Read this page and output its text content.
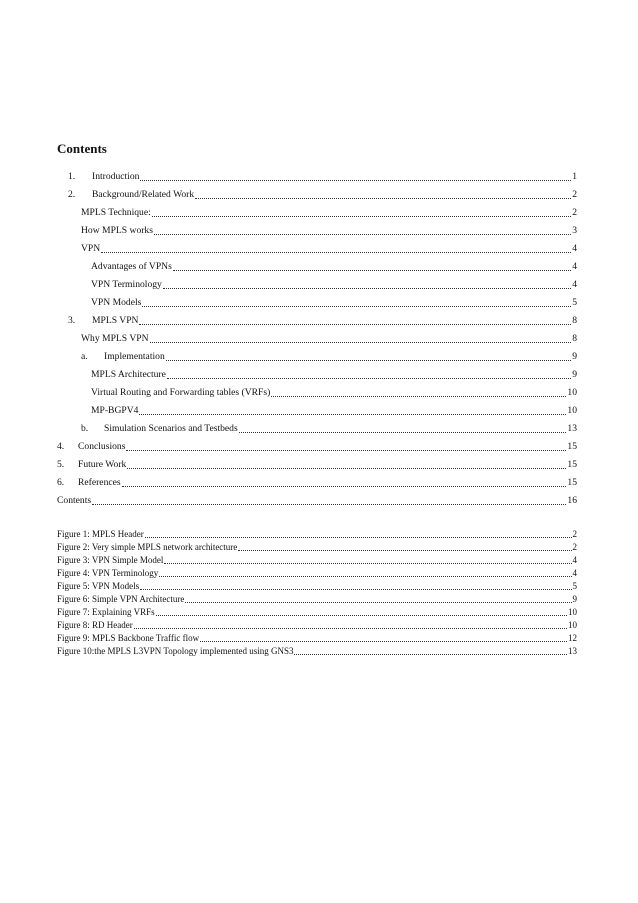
Contents
1.	Introduction	1
2.	Background/Related Work	2
MPLS Technique:	2
How MPLS works	3
VPN	4
Advantages of VPNs	4
VPN Terminology	4
VPN Models	5
3.	MPLS VPN	8
Why MPLS VPN	8
a.	Implementation	9
MPLS Architecture	9
Virtual Routing and Forwarding tables (VRFs)	10
MP-BGPV4	10
b.	Simulation Scenarios and Testbeds	13
4.	Conclusions	15
5.	Future Work	15
6.	References	15
Contents	16
Figure 1: MPLS Header	2
Figure 2: Very simple MPLS network architecture	2
Figure 3: VPN Simple Model	4
Figure 4: VPN Terminology	4
Figure 5: VPN Models	5
Figure 6: Simple VPN Architecture	9
Figure 7: Explaining VRFs	10
Figure 8: RD Header	10
Figure 9: MPLS Backbone Traffic flow	12
Figure 10:the MPLS L3VPN Topology implemented using GNS3	13
